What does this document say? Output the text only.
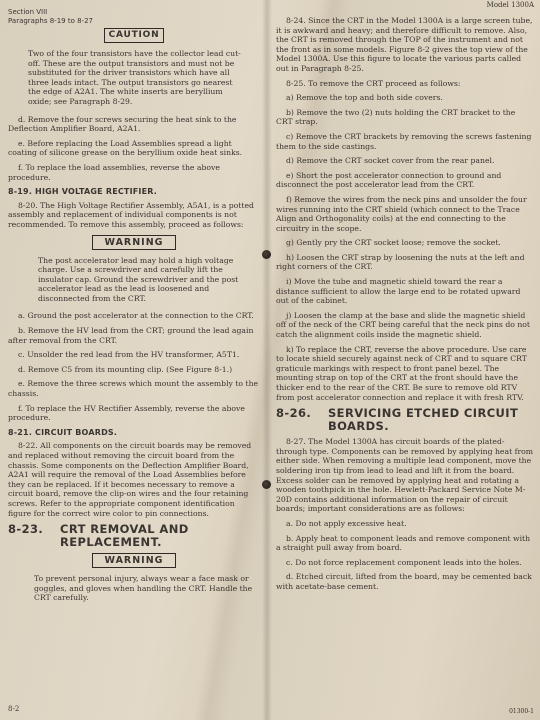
Model 1300A
Section VIII
Paragraphs 8-19 to 8-27
CAUTION

Two of the four transistors have the collector lead cut-off. These are the output transistors and must not be substituted for the driver transistors which have all three leads intact. The output transistors go nearest the edge of A2A1. The white inserts are beryllium oxide; see Paragraph 8-29.

d. Remove the four screws securing the heat sink to the Deflection Amplifier Board, A2A1.

e. Before replacing the Load Assemblies spread a light coating of silicone grease on the beryllium oxide heat sinks.

f. To replace the load assemblies, reverse the above procedure.

8-19. HIGH VOLTAGE RECTIFIER.

8-20. The High Voltage Rectifier Assembly, A5A1, is a potted assembly and replacement of individual components is not recommended. To remove this assembly, proceed as follows:

WARNING

The post accelerator lead may hold a high voltage charge. Use a screwdriver and carefully lift the insulator cap. Ground the screwdriver and the post accelerator lead as the lead is loosened and disconnected from the CRT.

a. Ground the post accelerator at the connection to the CRT.

b. Remove the HV lead from the CRT; ground the lead again after removal from the CRT.

c. Unsolder the red lead from the HV transformer, A5T1.

d. Remove C5 from its mounting clip. (See Figure 8-1.)

e. Remove the three screws which mount the assembly to the chassis.

f. To replace the HV Rectifier Assembly, reverse the above procedure.

8-21. CIRCUIT BOARDS.

8-22. All components on the circuit boards may be removed and replaced without removing the circuit board from the chassis. Some components on the Deflection Amplifier Board, A2A1 will require the removal of the Load Assemblies before they can be replaced. If it becomes necessary to remove a circuit board, remove the clip-on wires and the four retaining screws. Refer to the appropriate component identification figure for the correct wire color to pin connections.

8-23. CRT REMOVAL AND
REPLACEMENT.
WARNING

To prevent personal injury, always wear a face mask or goggles, and gloves when handling the CRT. Handle the CRT carefully.

8-2

8-24. Since the CRT in the Model 1300A is a large screen tube, it is awkward and heavy; and therefore difficult to remove. Also, the CRT is removed through the TOP of the instrument and not the front as in some models. Figure 8-2 gives the top view of the Model 1300A. Use this figure to locate the various parts called out in Paragraph 8-25.

8-25. To remove the CRT proceed as follows:

a) Remove the top and both side covers.

b) Remove the two (2) nuts holding the CRT bracket to the CRT strap.

c) Remove the CRT brackets by removing the screws fastening them to the side castings.

d) Remove the CRT socket cover from the rear panel.

e) Short the post accelerator connection to ground and disconnect the post accelerator lead from the CRT.

f) Remove the wires from the neck pins and unsolder the four wires running into the CRT shield (which connect to the Trace Align and Orthogonality coils) at the end connecting to the circuitry in the scope.

g) Gently pry the CRT socket loose; remove the socket.

h) Loosen the CRT strap by loosening the nuts at the left and right corners of the CRT.

i) Move the tube and magnetic shield toward the rear a distance sufficient to allow the large end to be rotated upward out of the cabinet.

j) Loosen the clamp at the base and slide the magnetic shield off of the neck of the CRT being careful that the neck pins do not catch the alignment coils inside the magnetic shield.

k) To replace the CRT, reverse the above procedure. Use care to locate shield securely against neck of CRT and to square CRT graticule markings with respect to front panel bezel. The mounting strap on top of the CRT at the front should have the thicker end to the rear of the CRT. Be sure to remove old RTV from post accelerator connection and replace it with fresh RTV.

8-26. SERVICING ETCHED CIRCUIT
BOARDS.

8-27. The Model 1300A has circuit boards of the plated-through type. Components can be removed by applying heat from either side. When removing a multiple lead component, move the soldering iron tip from lead to lead and lift it from the board. Excess solder can be removed by applying heat and rotating a wooden toothpick in the hole. Hewlett-Packard Service Note M-20D contains additional information on the repair of circuit boards; important considerations are as follows:

a. Do not apply excessive heat.

b. Apply heat to component leads and remove component with a straight pull away from board.

c. Do not force replacement component leads into the holes.

d. Etched circuit, lifted from the board, may be cemented back with acetate-base cement.

01300-1
